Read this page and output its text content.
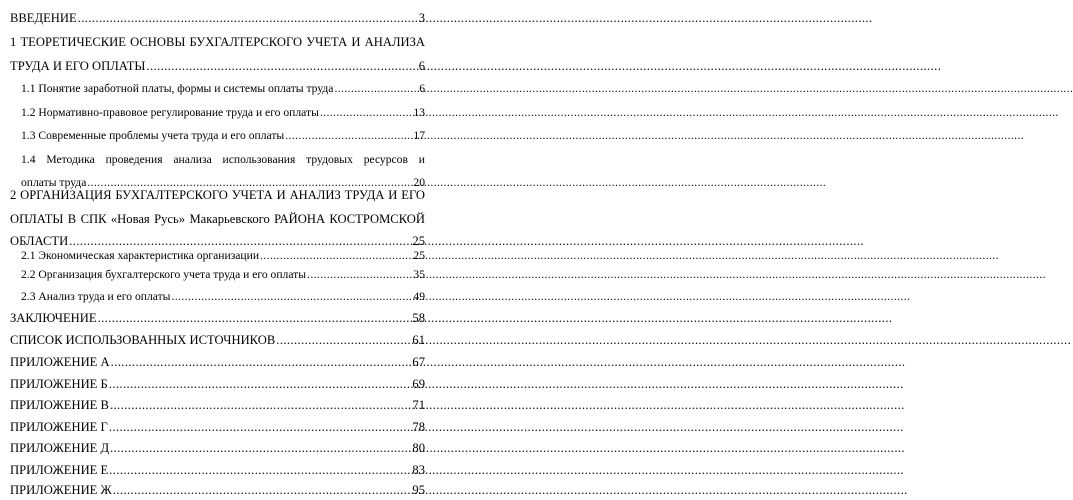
ВВЕДЕНИЕ .....	3
1 ТЕОРЕТИЧЕСКИЕ ОСНОВЫ БУХГАЛТЕРСКОГО УЧЕТА И АНАЛИЗА
ТРУДА И ЕГО ОПЛАТЫ .....	6
1.1 Понятие заработной платы, формы и системы оплаты труда .....	6
1.2 Нормативно-правовое регулирование труда и его оплаты .....	13
1.3 Современные проблемы учета труда и его оплаты .....	17
1.4 Методика проведения анализа использования трудовых ресурсов и
оплаты труда .....	20
2 ОРГАНИЗАЦИЯ БУХГАЛТЕРСКОГО УЧЕТА И АНАЛИЗ ТРУДА И ЕГО
ОПЛАТЫ В СПК «Новая Русь» Макарьевского РАЙОНА КОСТРОМСКОЙ
ОБЛАСТИ .....	25
2.1 Экономическая характеристика организации .....	25
2.2 Организация бухгалтерского учета труда и его оплаты .....	35
2.3 Анализ труда и его оплаты .....	49
ЗАКЛЮЧЕНИЕ .....	58
СПИСОК ИСПОЛЬЗОВАННЫХ ИСТОЧНИКОВ .....	61
ПРИЛОЖЕНИЕ А .....	67
ПРИЛОЖЕНИЕ Б .....	69
ПРИЛОЖЕНИЕ В .....	71
ПРИЛОЖЕНИЕ Г .....	78
ПРИЛОЖЕНИЕ Д .....	80
ПРИЛОЖЕНИЕ Е .....	83
ПРИЛОЖЕНИЕ Ж .....	95
